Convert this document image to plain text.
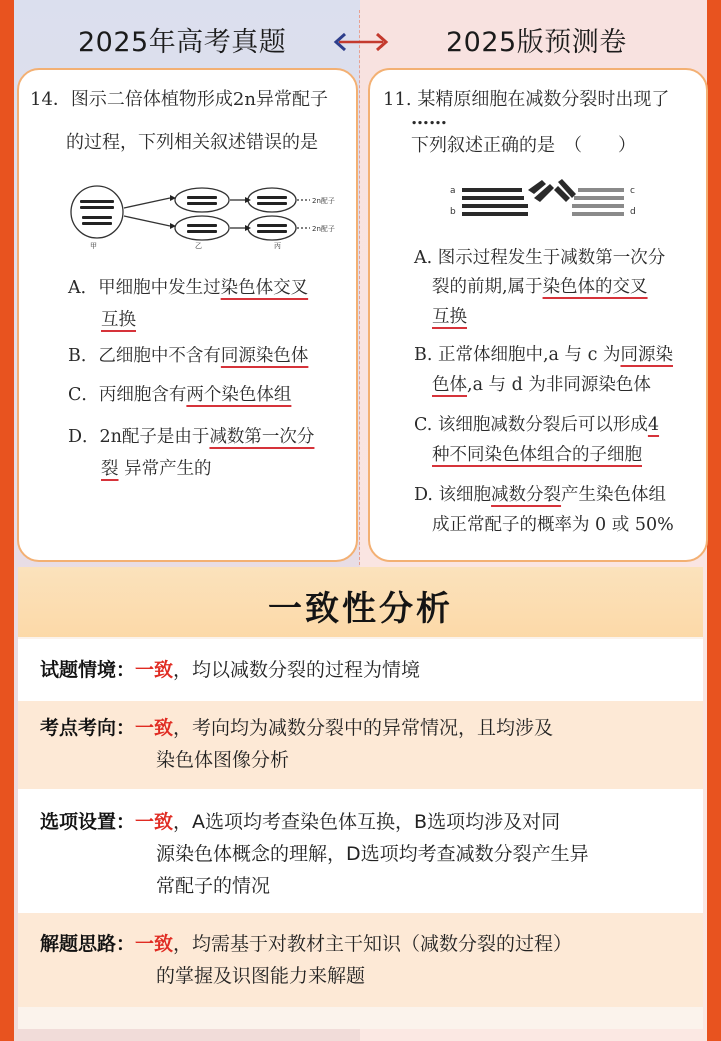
2025年高考真题	2025版预测卷
14．图示二倍体植物形成2n异常配子
的过程，下列相关叙述错误的是
甲	乙	丙
2n配子
2n配子
A．甲细胞中发生过染色体交叉
互换
B．乙细胞中不含有同源染色体
C．丙细胞含有两个染色体组
D．2n配子是由于减数第一次分
裂 异常产生的
11. 某精原细胞在减数分裂时出现了
……
下列叙述正确的是　（　　）
a
b
c
d
A. 图示过程发生于减数第一次分
裂的前期,属于染色体的交叉
互换
B. 正常体细胞中,a 与 c 为同源染
色体,a 与 d 为非同源染色体
C. 该细胞减数分裂后可以形成4
种不同染色体组合的子细胞
D. 该细胞减数分裂产生染色体组
成正常配子的概率为 0 或 50%
一致性分析
试题情境：一致，均以减数分裂的过程为情境
考点考向：一致，考向均为减数分裂中的异常情况，且均涉及
染色体图像分析
选项设置：一致，A选项均考查染色体互换，B选项均涉及对同
源染色体概念的理解，D选项均考查减数分裂产生异
常配子的情况
解题思路：一致，均需基于对教材主干知识（减数分裂的过程）
的掌握及识图能力来解题
